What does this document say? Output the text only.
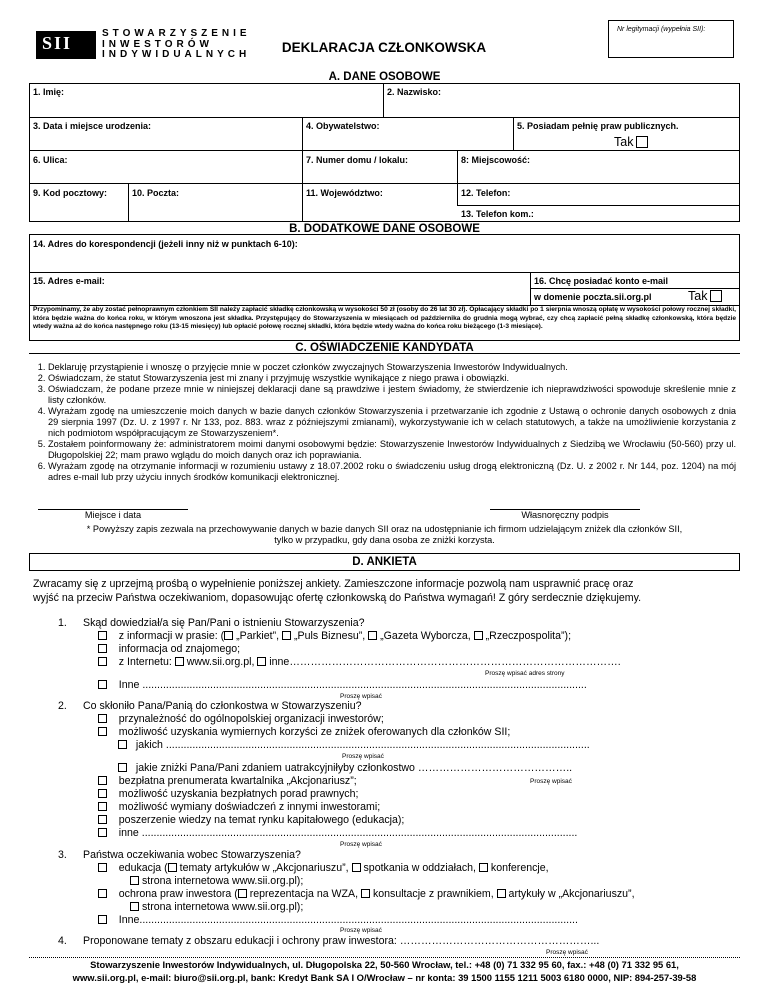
SII	STOWARZYSZENIE
INWESTORÓW
INDYWIDUALNYCH	DEKLARACJA CZŁONKOWSKA
Nr legitymacji (wypełnia SII):
A. DANE OSOBOWE
1. Imię:	2. Nazwisko:
3. Data i miejsce urodzenia:	4. Obywatelstwo:	5. Posiadam pełnię praw publicznych.
Tak
6. Ulica:	7. Numer domu / lokalu:	8: Miejscowość:
9. Kod pocztowy:	10. Poczta:	11. Województwo:	12. Telefon:
13. Telefon kom.:
B. DODATKOWE DANE OSOBOWE
14. Adres do korespondencji (jeżeli inny niż w punktach 6-10):
15. Adres e-mail:	16. Chcę posiadać konto e-mail
w domenie poczta.sii.org.pl	Tak
Przypominamy, że aby zostać pełnoprawnym członkiem SII należy zapłacić składkę członkowską w wysokości 50 zł (osoby do 26 lat 30 zł). Opłacający składki po 1 sierpnia wnoszą opłatę w wysokości połowy rocznej składki, która będzie ważna do końca roku, w którym wnoszona jest składka. Przystępujący do Stowarzyszenia w miesiącach od października do grudnia mogą wybrać, czy chcą zapłacić pełną składkę członkowską, która będzie wtedy ważna aż do końca następnego roku (13-15 miesięcy) lub opłacić połowę rocznej składki, która będzie wtedy ważna do końca roku bieżącego (1-3 miesiące).
C. OŚWIADCZENIE KANDYDATA
1. Deklaruję przystąpienie i wnoszę o przyjęcie mnie w poczet członków zwyczajnych Stowarzyszenia Inwestorów Indywidualnych.
2. Oświadczam, że statut Stowarzyszenia jest mi znany i przyjmuję wszystkie wynikające z niego prawa i obowiązki.
3. Oświadczam, że podane przeze mnie w niniejszej deklaracji dane są prawdziwe i jestem świadomy, że stwierdzenie ich nieprawdziwości spowoduje skreślenie mnie z listy członków.
4. Wyrażam zgodę na umieszczenie moich danych w bazie danych członków Stowarzyszenia i przetwarzanie ich zgodnie z Ustawą o ochronie danych osobowych z dnia 29 sierpnia 1997 (Dz. U. z 1997 r. Nr 133, poz. 883. wraz z późniejszymi zmianami), wykorzystywanie ich w celach statutowych, a także na umożliwienie korzystania z nich podmiotom współpracującym ze Stowarzyszeniem*.
5. Zostałem poinformowany że: administratorem moimi danymi osobowymi będzie: Stowarzyszenie Inwestorów Indywidualnych z Siedzibą we Wrocławiu (50-560) przy ul. Długopolskiej 22; mam prawo wglądu do moich danych oraz ich poprawiania.
6. Wyrażam zgodę na otrzymanie informacji w rozumieniu ustawy z 18.07.2002 roku o świadczeniu usług drogą elektroniczną (Dz. U. z 2002 r. Nr 144, poz. 1204) na mój adres e-mail lub przy użyciu innych środków komunikacji elektronicznej.
Miejsce i data	Własnoręczny podpis
* Powyższy zapis zezwala na przechowywanie danych w bazie danych SII oraz na udostępnianie ich firmom udzielającym zniżek dla członków SII,
tylko w przypadku, gdy dana osoba ze zniżki korzysta.
D. ANKIETA
Zwracamy się z uprzejmą prośbą o wypełnienie poniższej ankiety. Zamieszczone informacje pozwolą nam usprawnić pracę oraz
wyjść na przeciw Państwa oczekiwaniom, dopasowując ofertę członkowską do Państwa wymagań! Z góry serdecznie dziękujemy.
1. Skąd dowiedział/a się Pan/Pani o istnieniu Stowarzyszenia?
z informacji w prasie: ( „Parkiet”, „Puls Biznesu”, „Gazeta Wyborcza, „Rzeczpospolita”);
informacja od znajomego;
z Internetu: www.sii.org.pl, inne………………………………………………………………………………….
Proszę wpisać adres strony
Inne .......................................................................................................................................................
Proszę wpisać
2. Co skłoniło Pana/Panią do członkostwa w Stowarzyszeniu?
przynależność do ogólnopolskiej organizacji inwestorów;
możliwość uzyskania wymiernych korzyści ze zniżek oferowanych dla członków SII;
jakich ................................................................................................................................................
Proszę wpisać
jakie zniżki Pana/Pani zdaniem uatrakcyjniłyby członkostwo ……………………………………..
bezpłatna prenumerata kwartalnika „Akcjonariusz”;	Proszę wpisać
możliwość uzyskania bezpłatnych porad prawnych;
możliwość wymiany doświadczeń z innymi inwestorami;
poszerzenie wiedzy na temat rynku kapitałowego (edukacja);
inne ....................................................................................................................................................
Proszę wpisać
3. Państwa oczekiwania wobec Stowarzyszenia?
edukacja ( tematy artykułów w „Akcjonariuszu”, spotkania w oddziałach, konferencje,
strona internetowa www.sii.org.pl);
ochrona praw inwestora ( reprezentacja na WZA, konsultacje z prawnikiem, artykuły w „Akcjonariuszu”,
strona internetowa www.sii.org.pl);
Inne.....................................................................................................................................................
Proszę wpisać
4. Proponowane tematy z obszaru edukacji i ochrony praw inwestora: ………………………………………………...
Proszę wpisać
Stowarzyszenie Inwestorów Indywidualnych, ul. Długopolska 22, 50-560 Wrocław, tel.: +48 (0) 71 332 95 60, fax.: +48 (0) 71 332 95 61,
www.sii.org.pl, e-mail: biuro@sii.org.pl, bank: Kredyt Bank SA I O/Wrocław – nr konta: 39 1500 1155 1211 5003 6180 0000, NIP: 894-257-39-58
